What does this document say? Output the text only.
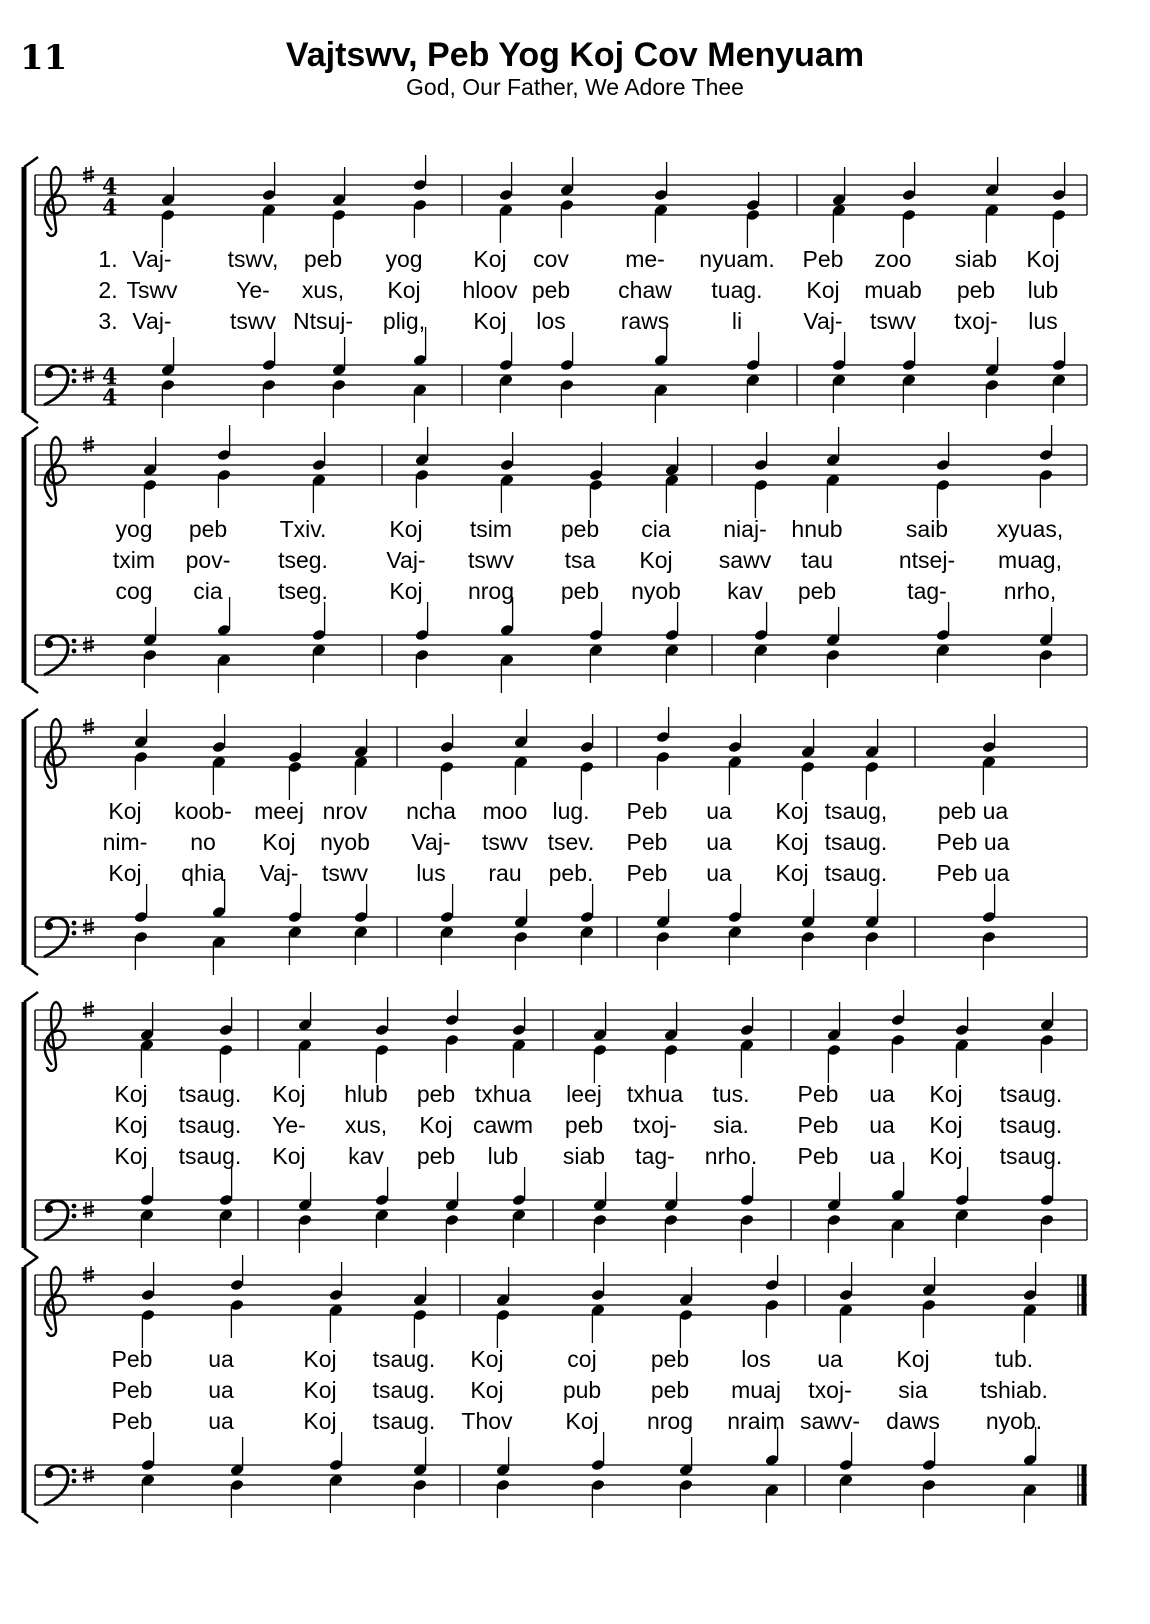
11	Vajtswv, Peb Yog Koj Cov Menyuam
God, Our Father, We Adore Thee
4
4
4
4
1. Vaj- tswv, peb yog Koj cov me- nyuam. Peb zoo siab Koj
2. Tswv	Ye- xus, Koj hloov peb chaw tuag. Koj muab peb lub
3. Vaj-	tswv Ntsuj- plig, Koj los raws	li	Vaj- tswv txoj- lus
yog peb Txiv.	Koj tsim peb cia niaj- hnub	saib xyuas,
txim pov- tseg.	Vaj- tswv tsa Koj sawv tau	ntsej- muag,
cog cia tseg.	Koj nrog peb nyob kav peb	tag- nrho,
Koj koob- meej nrov ncha moo lug. Peb ua Koj tsaug, peb ua
nim- no Koj nyob Vaj- tswv tsev. Peb ua Koj tsaug. Peb ua
Koj qhia Vaj- tswv lus rau peb. Peb ua Koj tsaug. Peb ua
Koj tsaug. Koj hlub peb txhua leej txhua tus. Peb ua Koj tsaug.
Koj tsaug. Ye- xus, Koj cawm peb txoj- sia. Peb ua Koj tsaug.
Koj tsaug. Koj kav peb lub siab tag- nrho. Peb ua Koj tsaug.
Peb ua	Koj tsaug. Koj	coj peb los ua Koj	tub.
Peb ua	Koj tsaug. Koj	pub peb muaj txoj- sia tshiab.
Peb ua	Koj tsaug. Thov Koj nrog nraim sawv- daws nyob.
